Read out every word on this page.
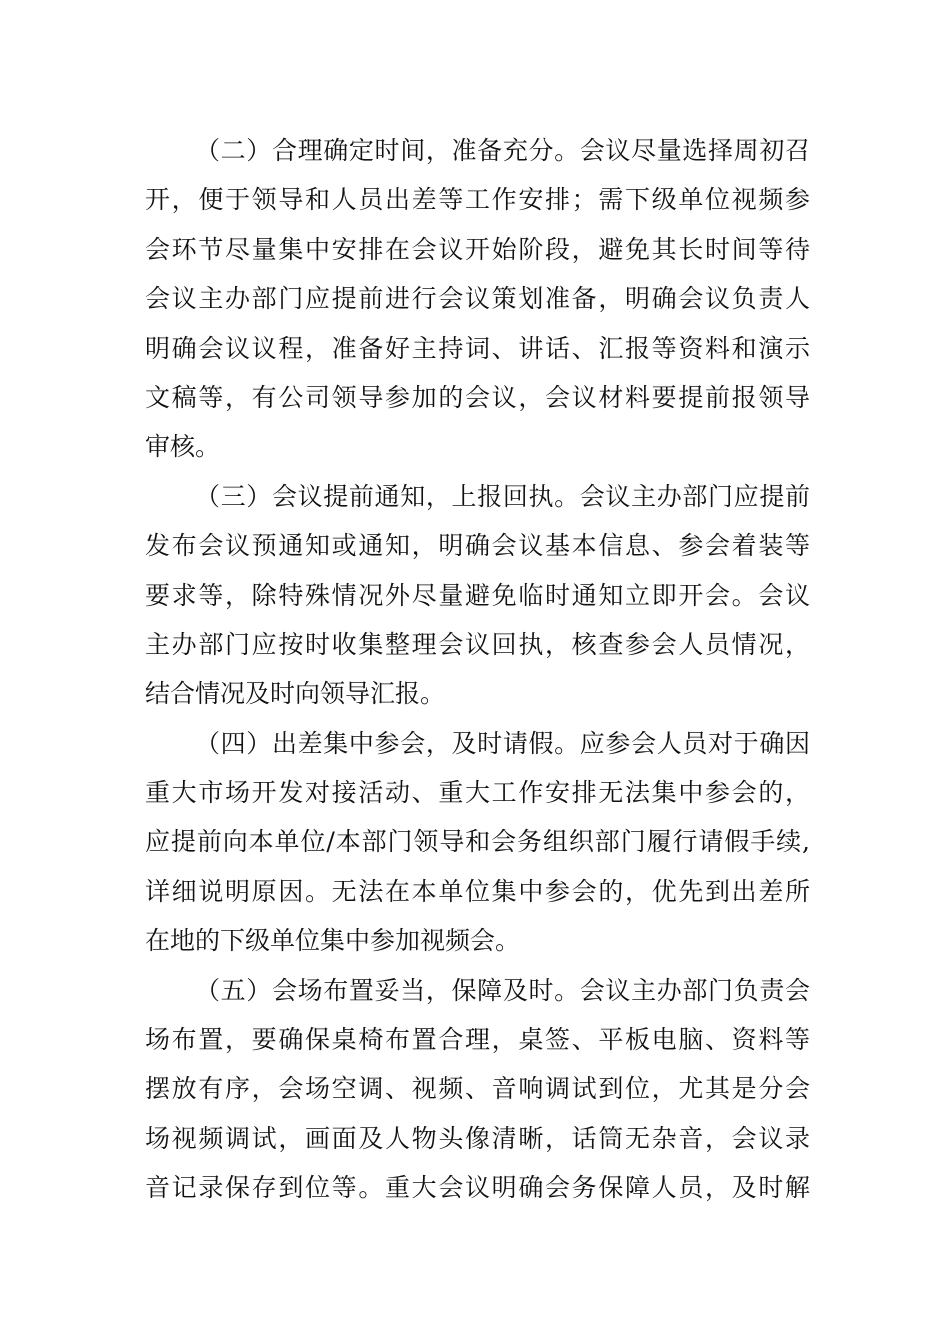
（二）合理确定时间，准备充分。会议尽量选择周初召
开，便于领导和人员出差等工作安排；需下级单位视频参
会环节尽量集中安排在会议开始阶段，避免其长时间等待
会议主办部门应提前进行会议策划准备，明确会议负责人
明确会议议程，准备好主持词、讲话、汇报等资料和演示
文稿等，有公司领导参加的会议，会议材料要提前报领导
审核。
（三）会议提前通知，上报回执。会议主办部门应提前
发布会议预通知或通知，明确会议基本信息、参会着装等
要求等，除特殊情况外尽量避免临时通知立即开会。会议
主办部门应按时收集整理会议回执，核查参会人员情况，
结合情况及时向领导汇报。
（四）出差集中参会，及时请假。应参会人员对于确因
重大市场开发对接活动、重大工作安排无法集中参会的，
应提前向本单位/本部门领导和会务组织部门履行请假手续,
详细说明原因。无法在本单位集中参会的，优先到出差所
在地的下级单位集中参加视频会。
（五）会场布置妥当，保障及时。会议主办部门负责会
场布置，要确保桌椅布置合理，桌签、平板电脑、资料等
摆放有序，会场空调、视频、音响调试到位，尤其是分会
场视频调试，画面及人物头像清晰，话筒无杂音，会议录
音记录保存到位等。重大会议明确会务保障人员，及时解
